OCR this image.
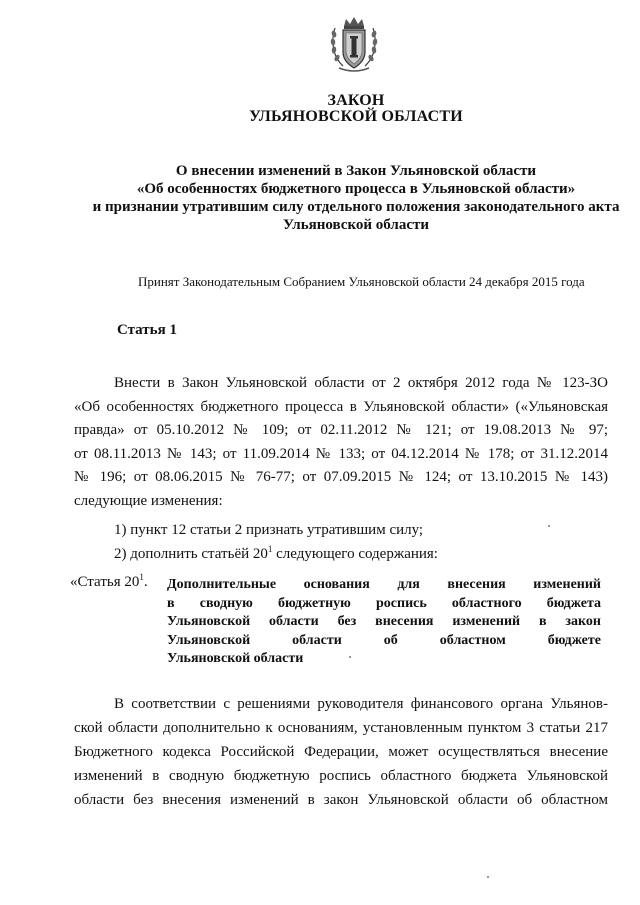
ЗАКОН
УЛЬЯНОВСКОЙ ОБЛАСТИ
О внесении изменений в Закон Ульяновской области
«Об особенностях бюджетного процесса в Ульяновской области»
и признании утратившим силу отдельного положения законодательного акта
Ульяновской области
Принят Законодательным Собранием Ульяновской области 24 декабря 2015 года
Статья 1
Внести в Закон Ульяновской области от 2 октября 2012 года № 123-ЗО
«Об особенностях бюджетного процесса в Ульяновской области» («Ульяновская
правда» от 05.10.2012 № 109; от 02.11.2012 № 121; от 19.08.2013 № 97;
от 08.11.2013 № 143; от 11.09.2014 № 133; от 04.12.2014 № 178; от 31.12.2014
№ 196; от 08.06.2015 № 76-77; от 07.09.2015 № 124; от 13.10.2015 № 143)
следующие изменения:
1) пункт 12 статьи 2 признать утратившим силу;
2) дополнить статьёй $20^1$ следующего содержания:
«Статья $20^1$. Дополнительные основания для внесения изменений
в сводную бюджетную роспись областного бюджета
Ульяновской области без внесения изменений в закон
Ульяновской области об областном бюджете
Ульяновской области
В соответствии с решениями руководителя финансового органа Ульянов-
ской области дополнительно к основаниям, установленным пунктом 3 статьи 217
Бюджетного кодекса Российской Федерации, может осуществляться внесение
изменений в сводную бюджетную роспись областного бюджета Ульяновской
области без внесения изменений в закон Ульяновской области об областном
